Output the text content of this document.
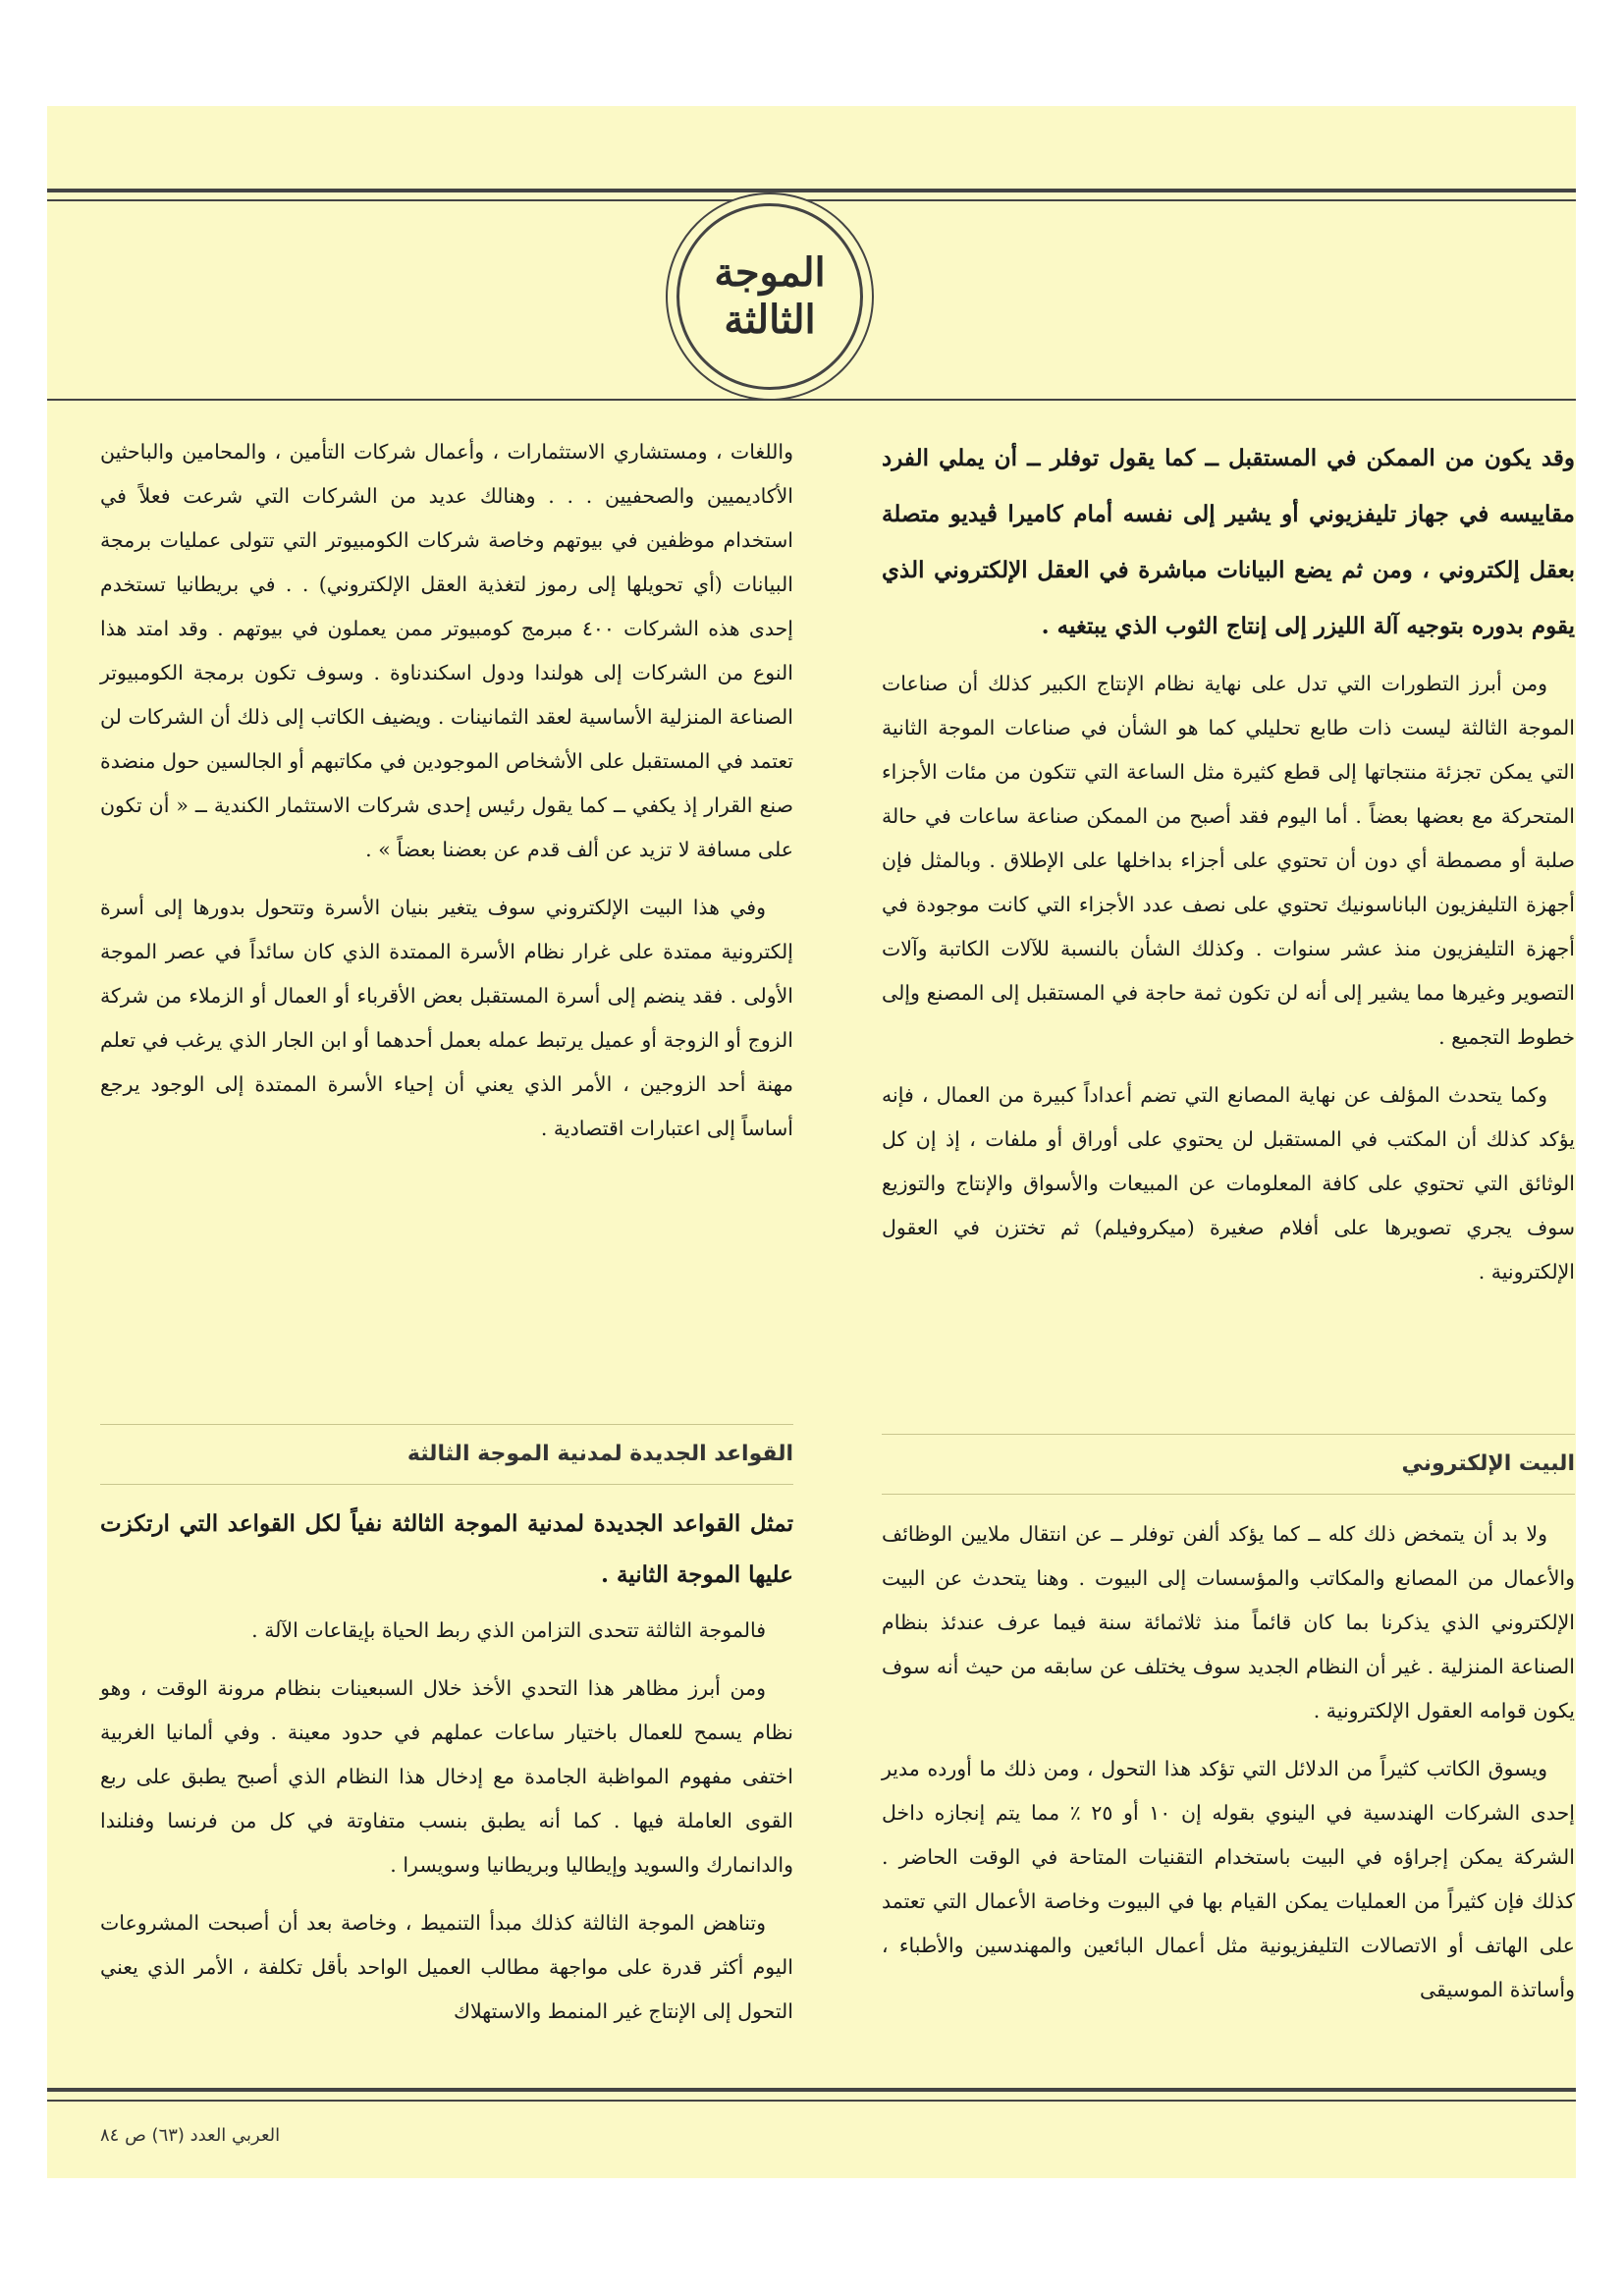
الموجة
الثالثة

وقد يكون من الممكن في المستقبل ــ كما يقول توفلر ــ أن يملي الفرد مقاييسه في جهاز تليفزيوني أو يشير إلى نفسه أمام كاميرا ڤيديو متصلة بعقل إلكتروني ، ومن ثم يضع البيانات مباشرة في العقل الإلكتروني الذي يقوم بدوره بتوجيه آلة الليزر إلى إنتاج الثوب الذي يبتغيه .

ومن أبرز التطورات التي تدل على نهاية نظام الإنتاج الكبير كذلك أن صناعات الموجة الثالثة ليست ذات طابع تحليلي كما هو الشأن في صناعات الموجة الثانية التي يمكن تجزئة منتجاتها إلى قطع كثيرة مثل الساعة التي تتكون من مئات الأجزاء المتحركة مع بعضها بعضاً . أما اليوم فقد أصبح من الممكن صناعة ساعات في حالة صلبة أو مصمطة أي دون أن تحتوي على أجزاء بداخلها على الإطلاق . وبالمثل فإن أجهزة التليفزيون الباناسونيك تحتوي على نصف عدد الأجزاء التي كانت موجودة في أجهزة التليفزيون منذ عشر سنوات . وكذلك الشأن بالنسبة للآلات الكاتبة وآلات التصوير وغيرها مما يشير إلى أنه لن تكون ثمة حاجة في المستقبل إلى المصنع وإلى خطوط التجميع .

وكما يتحدث المؤلف عن نهاية المصانع التي تضم أعداداً كبيرة من العمال ، فإنه يؤكد كذلك أن المكتب في المستقبل لن يحتوي على أوراق أو ملفات ، إذ إن كل الوثائق التي تحتوي على كافة المعلومات عن المبيعات والأسواق والإنتاج والتوزيع سوف يجري تصويرها على أفلام صغيرة (ميكروفيلم) ثم تختزن في العقول الإلكترونية .

واللغات ، ومستشاري الاستثمارات ، وأعمال شركات التأمين ، والمحامين والباحثين الأكاديميين والصحفيين . . . وهنالك عديد من الشركات التي شرعت فعلاً في استخدام موظفين في بيوتهم وخاصة شركات الكومبيوتر التي تتولى عمليات برمجة البيانات (أي تحويلها إلى رموز لتغذية العقل الإلكتروني) . . في بريطانيا تستخدم إحدى هذه الشركات ٤٠٠ مبرمج كومبيوتر ممن يعملون في بيوتهم . وقد امتد هذا النوع من الشركات إلى هولندا ودول اسكندناوة . وسوف تكون برمجة الكومبيوتر الصناعة المنزلية الأساسية لعقد الثمانينات . ويضيف الكاتب إلى ذلك أن الشركات لن تعتمد في المستقبل على الأشخاص الموجودين في مكاتبهم أو الجالسين حول منضدة صنع القرار إذ يكفي ــ كما يقول رئيس إحدى شركات الاستثمار الكندية ــ « أن تكون على مسافة لا تزيد عن ألف قدم عن بعضنا بعضاً » .

وفي هذا البيت الإلكتروني سوف يتغير بنيان الأسرة وتتحول بدورها إلى أسرة إلكترونية ممتدة على غرار نظام الأسرة الممتدة الذي كان سائداً في عصر الموجة الأولى . فقد ينضم إلى أسرة المستقبل بعض الأقرباء أو العمال أو الزملاء من شركة الزوج أو الزوجة أو عميل يرتبط عمله بعمل أحدهما أو ابن الجار الذي يرغب في تعلم مهنة أحد الزوجين ، الأمر الذي يعني أن إحياء الأسرة الممتدة إلى الوجود يرجع أساساً إلى اعتبارات اقتصادية .

البيت الإلكتروني
القواعد الجديدة لمدنية الموجة الثالثة

ولا بد أن يتمخض ذلك كله ــ كما يؤكد ألفن توفلر ــ عن انتقال ملايين الوظائف والأعمال من المصانع والمكاتب والمؤسسات إلى البيوت . وهنا يتحدث عن البيت الإلكتروني الذي يذكرنا بما كان قائماً منذ ثلاثمائة سنة فيما عرف عندئذ بنظام الصناعة المنزلية . غير أن النظام الجديد سوف يختلف عن سابقه من حيث أنه سوف يكون قوامه العقول الإلكترونية .

ويسوق الكاتب كثيراً من الدلائل التي تؤكد هذا التحول ، ومن ذلك ما أورده مدير إحدى الشركات الهندسية في الينوي بقوله إن ١٠ أو ٢٥ ٪ مما يتم إنجازه داخل الشركة يمكن إجراؤه في البيت باستخدام التقنيات المتاحة في الوقت الحاضر . كذلك فإن كثيراً من العمليات يمكن القيام بها في البيوت وخاصة الأعمال التي تعتمد على الهاتف أو الاتصالات التليفزيونية مثل أعمال البائعين والمهندسين والأطباء ، وأساتذة الموسيقى

تمثل القواعد الجديدة لمدنية الموجة الثالثة نفياً لكل القواعد التي ارتكزت عليها الموجة الثانية .

فالموجة الثالثة تتحدى التزامن الذي ربط الحياة بإيقاعات الآلة .

ومن أبرز مظاهر هذا التحدي الأخذ خلال السبعينات بنظام مرونة الوقت ، وهو نظام يسمح للعمال باختيار ساعات عملهم في حدود معينة . وفي ألمانيا الغربية اختفى مفهوم المواظبة الجامدة مع إدخال هذا النظام الذي أصبح يطبق على ربع القوى العاملة فيها . كما أنه يطبق بنسب متفاوتة في كل من فرنسا وفنلندا والدانمارك والسويد وإيطاليا وبريطانيا وسويسرا .

وتناهض الموجة الثالثة كذلك مبدأ التنميط ، وخاصة بعد أن أصبحت المشروعات اليوم أكثر قدرة على مواجهة مطالب العميل الواحد بأقل تكلفة ، الأمر الذي يعني التحول إلى الإنتاج غير المنمط والاستهلاك

العربي العدد (٦٣) ص ٨٤
